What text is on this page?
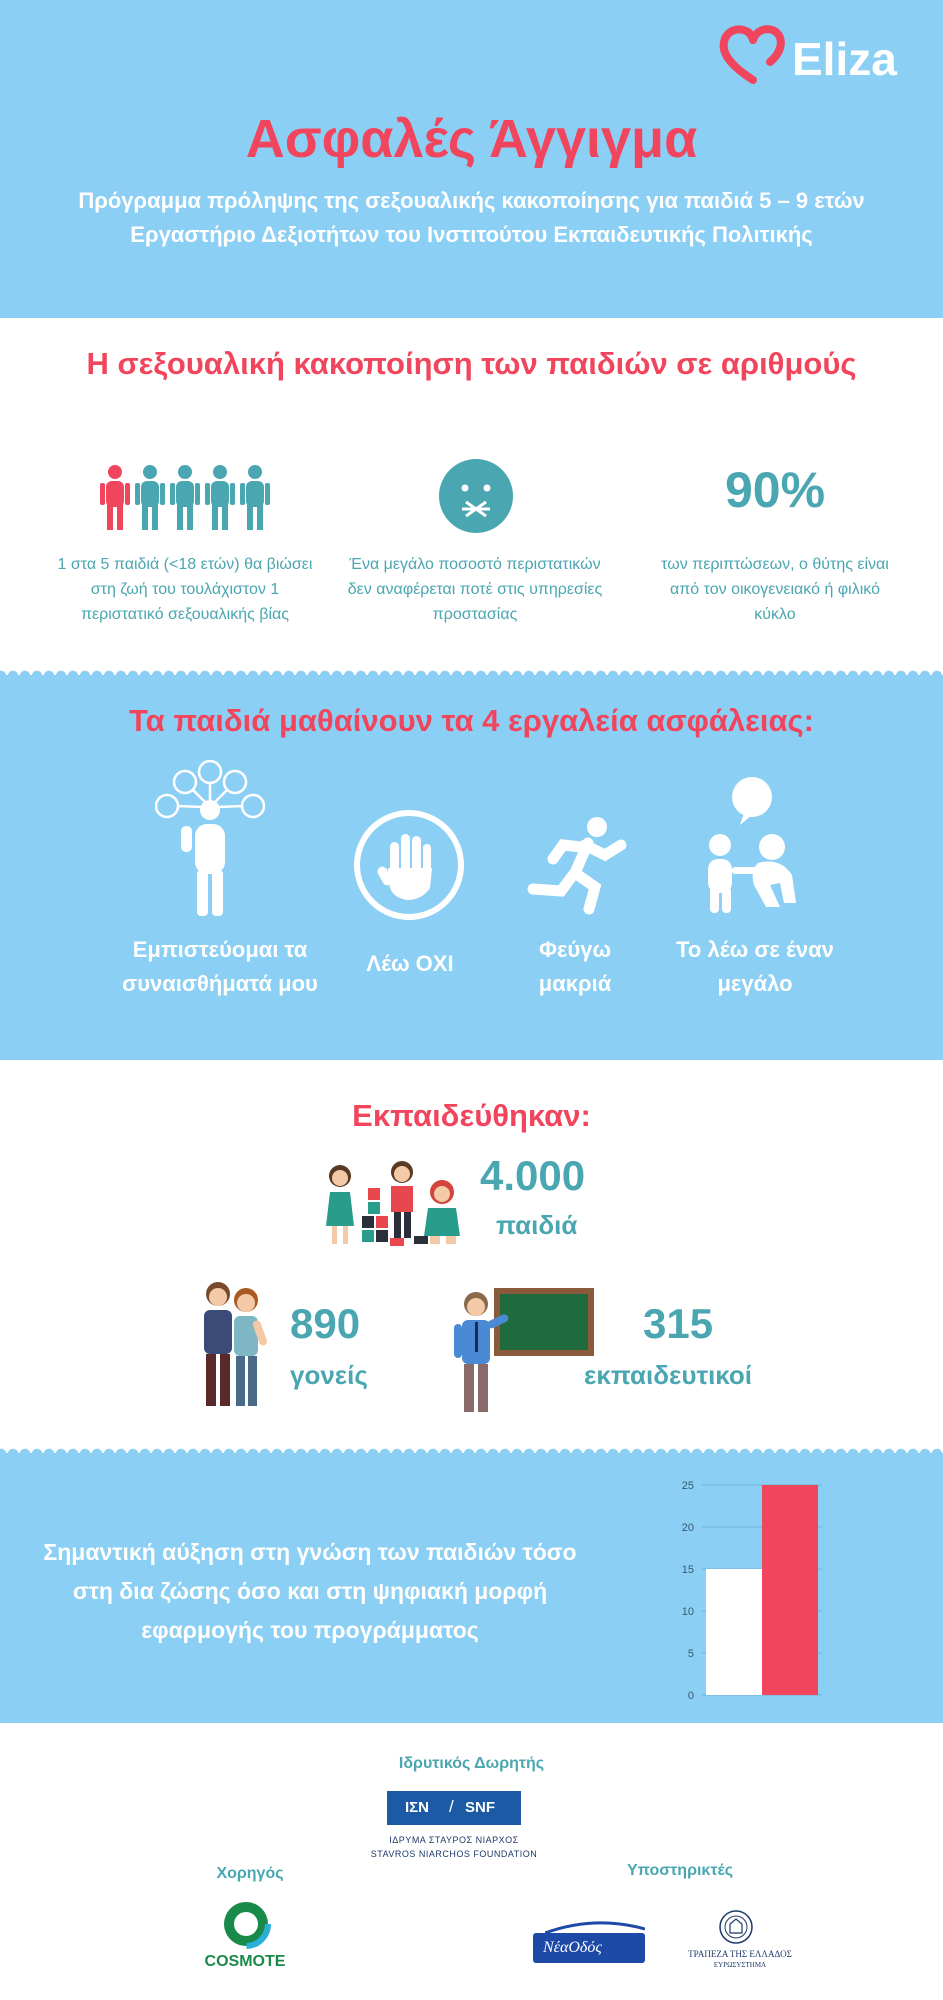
Eliza
Ασφαλές Άγγιγμα
Πρόγραμμα πρόληψης της σεξουαλικής κακοποίησης για παιδιά 5 – 9 ετών
Εργαστήριο Δεξιοτήτων του Ινστιτούτου Εκπαιδευτικής Πολιτικής
Η σεξουαλική κακοποίηση των παιδιών σε αριθμούς
1 στα 5 παιδιά (<18 ετών) θα βιώσει στη ζωή του τουλάχιστον 1 περιστατικό σεξουαλικής βίας
Ένα μεγάλο ποσοστό περιστατικών δεν αναφέρεται ποτέ στις υπηρεσίες προστασίας
90%
των περιπτώσεων, ο θύτης είναι από τον οικογενειακό ή φιλικό κύκλο
Τα παιδιά μαθαίνουν τα 4 εργαλεία ασφάλειας:
Εμπιστεύομαι τα συναισθήματά μου
Λέω ΟΧΙ
Φεύγω μακριά
Το λέω σε έναν μεγάλο
Εκπαιδεύθηκαν:
4.000
παιδιά
890
γονείς
315
εκπαιδευτικοί
Σημαντική αύξηση στη γνώση των παιδιών τόσο στη δια ζώσης όσο και στη ψηφιακή μορφή εφαρμογής του προγράμματος
0
5
10
15
20
25
Ιδρυτικός Δωρητής
ΙΣΝ / SNF
ΙΔΡΥΜΑ ΣΤΑΥΡΟΣ ΝΙΑΡΧΟΣ
STAVROS NIARCHOS FOUNDATION
Χορηγός	Υποστηρικτές
COSMOTE
ΝέαΟδός	ΤΡΑΠΕΖΑ ΤΗΣ ΕΛΛΑΔΟΣ
ΕΥΡΩΣΥΣΤΗΜΑ
